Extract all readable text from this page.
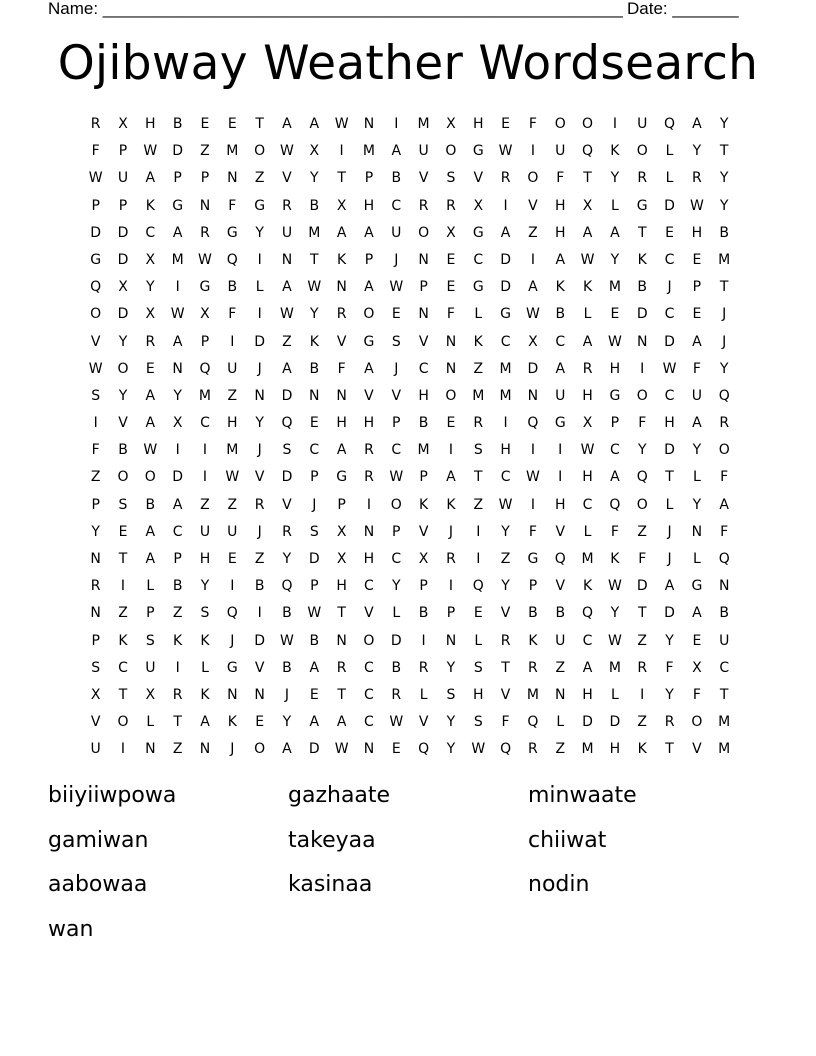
Name: _______________________________________________________ Date: _______
Ojibway Weather Wordsearch
R	X	H	B	E	E	T	A	A	W	N	I	M	X	H	E	F	O	O	I	U	Q	A	Y
F	P	W	D	Z	M	O	W	X	I	M	A	U	O	G	W	I	U	Q	K	O	L	Y	T
W	U	A	P	P	N	Z	V	Y	T	P	B	V	S	V	R	O	F	T	Y	R	L	R	Y
P	P	K	G	N	F	G	R	B	X	H	C	R	R	X	I	V	H	X	L	G	D	W	Y
D	D	C	A	R	G	Y	U	M	A	A	U	O	X	G	A	Z	H	A	A	T	E	H	B
G	D	X	M	W	Q	I	N	T	K	P	J	N	E	C	D	I	A	W	Y	K	C	E	M
Q	X	Y	I	G	B	L	A	W	N	A	W	P	E	G	D	A	K	K	M	B	J	P	T
O	D	X	W	X	F	I	W	Y	R	O	E	N	F	L	G	W	B	L	E	D	C	E	J
V	Y	R	A	P	I	D	Z	K	V	G	S	V	N	K	C	X	C	A	W	N	D	A	J
W	O	E	N	Q	U	J	A	B	F	A	J	C	N	Z	M	D	A	R	H	I	W	F	Y
S	Y	A	Y	M	Z	N	D	N	N	V	V	H	O	M	M	N	U	H	G	O	C	U	Q
I	V	A	X	C	H	Y	Q	E	H	H	P	B	E	R	I	Q	G	X	P	F	H	A	R
F	B	W	I	I	M	J	S	C	A	R	C	M	I	S	H	I	I	W	C	Y	D	Y	O
Z	O	O	D	I	W	V	D	P	G	R	W	P	A	T	C	W	I	H	A	Q	T	L	F
P	S	B	A	Z	Z	R	V	J	P	I	O	K	K	Z	W	I	H	C	Q	O	L	Y	A
Y	E	A	C	U	U	J	R	S	X	N	P	V	J	I	Y	F	V	L	F	Z	J	N	F
N	T	A	P	H	E	Z	Y	D	X	H	C	X	R	I	Z	G	Q	M	K	F	J	L	Q
R	I	L	B	Y	I	B	Q	P	H	C	Y	P	I	Q	Y	P	V	K	W	D	A	G	N
N	Z	P	Z	S	Q	I	B	W	T	V	L	B	P	E	V	B	B	Q	Y	T	D	A	B
P	K	S	K	K	J	D	W	B	N	O	D	I	N	L	R	K	U	C	W	Z	Y	E	U
S	C	U	I	L	G	V	B	A	R	C	B	R	Y	S	T	R	Z	A	M	R	F	X	C
X	T	X	R	K	N	N	J	E	T	C	R	L	S	H	V	M	N	H	L	I	Y	F	T
V	O	L	T	A	K	E	Y	A	A	C	W	V	Y	S	F	Q	L	D	D	Z	R	O	M
U	I	N	Z	N	J	O	A	D	W	N	E	Q	Y	W	Q	R	Z	M	H	K	T	V	M
biiyiiwpowa	gazhaate	minwaate
gamiwan	takeyaa	chiiwat
aabowaa	kasinaa	nodin
wan
